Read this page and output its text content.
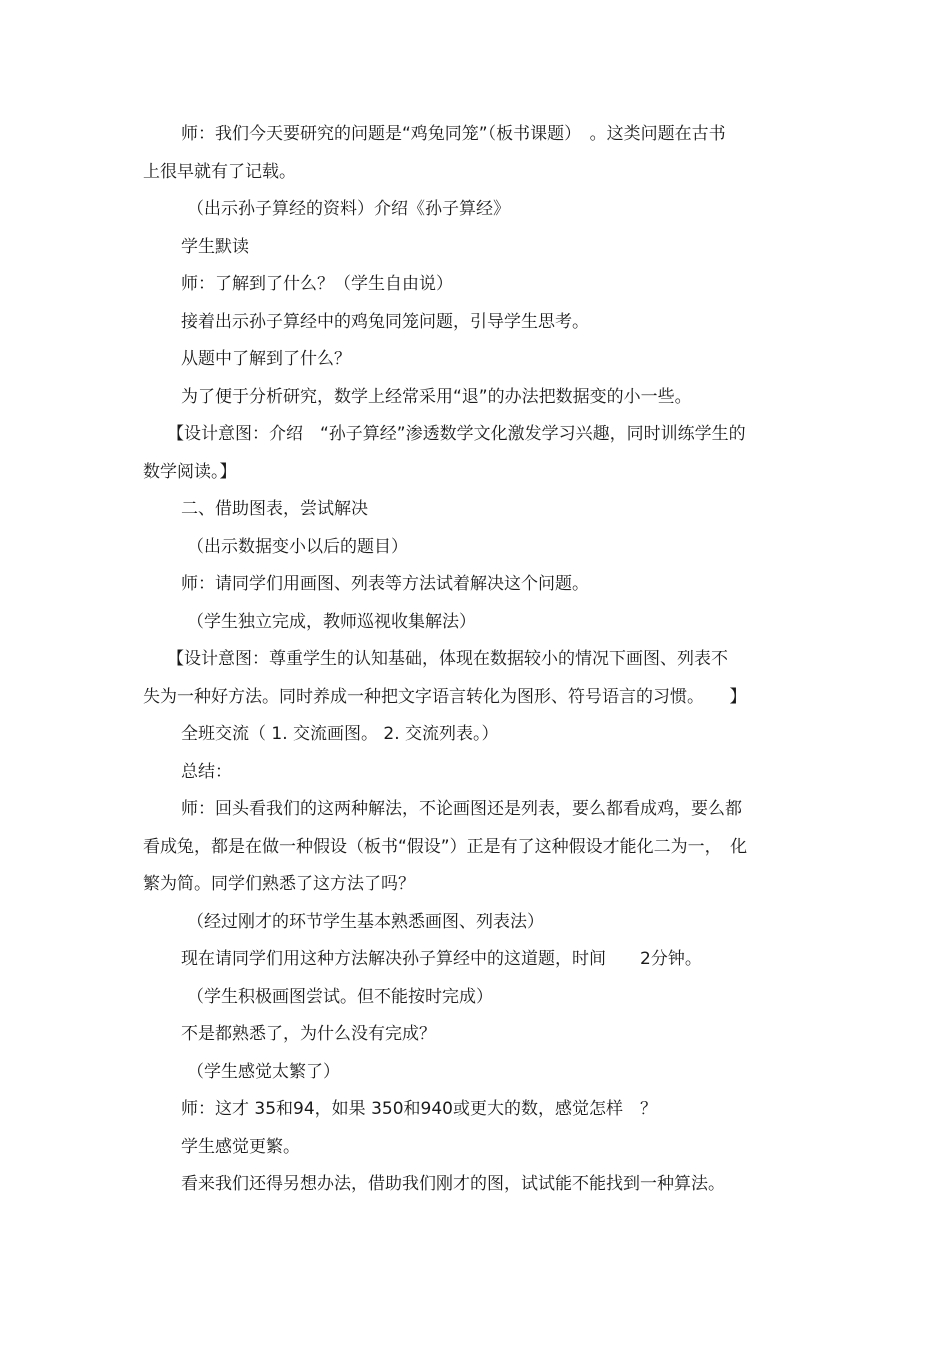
师：我们今天要研究的问题是“鸡兔同笼”（板书课题）　。这类问题在古书
上很早就有了记载。
（出示孙子算经的资料）介绍《孙子算经》
学生默读
师：了解到了什么？（学生自由说）
接着出示孙子算经中的鸡兔同笼问题，引导学生思考。
从题中了解到了什么？
为了便于分析研究，数学上经常采用“退”的办法把数据变的小一些。
【设计意图：介绍　“孙子算经”渗透数学文化激发学习兴趣，同时训练学生的
数学阅读。】
二、借助图表，尝试解决
（出示数据变小以后的题目）
师：请同学们用画图、列表等方法试着解决这个问题。
（学生独立完成，教师巡视收集解法）
【设计意图：尊重学生的认知基础，体现在数据较小的情况下画图、列表不
失为一种好方法。同时养成一种把文字语言转化为图形、符号语言的习惯。　　】
全班交流（ 1. 交流画图。 2. 交流列表。）
总结：
师：回头看我们的这两种解法，不论画图还是列表，要么都看成鸡，要么都
看成兔，都是在做一种假设（板书“假设”）正是有了这种假设才能化二为一，　化
繁为简。同学们熟悉了这方法了吗？
（经过刚才的环节学生基本熟悉画图、列表法）
现在请同学们用这种方法解决孙子算经中的这道题，时间　　2分钟。
（学生积极画图尝试。但不能按时完成）
不是都熟悉了，为什么没有完成？
（学生感觉太繁了）
师：这才 35和94，如果 350和940或更大的数，感觉怎样　？
学生感觉更繁。
看来我们还得另想办法，借助我们刚才的图，试试能不能找到一种算法。
